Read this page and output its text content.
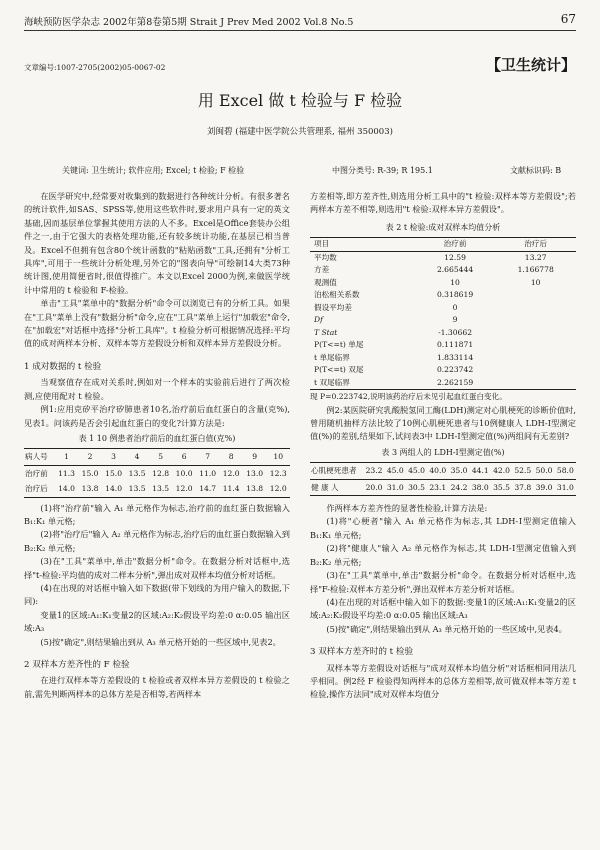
海峡预防医学杂志 2002年第8卷第5期 Strait J Prev Med 2002 Vol.8 No.5	67
文章编号:1007-2705(2002)05-0067-02	【卫生统计】
用 Excel 做 t 检验与 F 检验
刘闽碧 (福建中医学院公共管理系, 福州 350003)
关键词: 卫生统计; 软件应用; Excel; t 检验; F 检验	中图分类号: R-39; R 195.1	文献标识码: B

在医学研究中,经常要对收集到的数据进行各种统计分析。有很多著名的统计软件,如SAS、SPSS等,使用这些软件时,要求用户具有一定的英文基础,因而基层单位掌握其使用方法的人不多。Excel是Office套装办公组件之一,由于它强大的表格处理功能,还有较多统计功能,在基层已相当普及。Excel不但拥有包含80个统计函数的"粘贴函数"工具,还拥有"分析工具库",可用于一些统计分析处理,另外它的"图表向导"可绘制14大类73种统计图,使用简便省时,很值得推广。本文以Excel 2000为例,来做医学统计中常用的 t 检验和 F-检验。

单击"工具"菜单中的"数据分析"命令可以浏览已有的分析工具。如果在"工具"菜单上没有"数据分析"命令,应在"工具"菜单上运行"加载宏"命令,在"加载宏"对话框中选择"分析工具库"。t 检验分析可根据情况选择:平均值的成对两样本分析、双样本等方差假设分析和双样本异方差假设分析。

1 成对数据的 t 检验

当观察值存在成对关系时,例如对一个样本的实验前后进行了两次检测,应使用配对 t 检验。

例1:应用克矽平治疗矽肺患者10名,治疗前后血红蛋白的含量(克%),见表1。问该药是否会引起血红蛋白的变化?计算方法是:

表 1 10 例患者治疗前后的血红蛋白值(克%)
病人号	1	2	3	4	5	6	7	8	9	10
治疗前	11.3	15.0	15.0	13.5	12.8	10.0	11.0	12.0	13.0	12.3
治疗后	14.0	13.8	14.0	13.5	13.5	12.0	14.7	11.4	13.8	12.0

(1)将"治疗前"输入 A₁ 单元格作为标志,治疗前的血红蛋白数据输入 B₁:K₁ 单元格;

(2)将"治疗后"输入 A₂ 单元格作为标志,治疗后的血红蛋白数据输入到 B₂:K₂ 单元格;

(3)在"工具"菜单中,单击"数据分析"命令。在数据分析对话框中,选择"t-检验:平均值的成对二样本分析",弹出成对双样本均值分析对话框。

(4)在出现的对话框中输入如下数据(带下划线的为用户输入的数据,下同):

变量1的区域:A₁:K₁变量2的区域:A₂:K₂假设平均差:0 α:0.05 输出区域:A₃

(5)按"确定",则结果输出到从 A₃ 单元格开始的一些区域中,见表2。

2 双样本方差齐性的 F 检验

在进行双样本等方差假设的 t 检验或者双样本异方差假设的 t 检验之前,需先判断两样本的总体方差是否相等,若两样本

方差相等,即方差齐性,则选用分析工具中的"t 检验:双样本等方差假设";若两样本方差不相等,则选用"t 检验:双样本异方差假设"。

表 2 t 检验:成对双样本均值分析
项目	治疗前	治疗后
平均数	12.59	13.27
方差	2.665444	1.166778
观测值	10	10
泊松相关系数	0.318619	
假设平均差	0	
Df	9	
T Stat	-1.30662	
P(T<=t) 单尾	0.111871	
t 单尾临界	1.833114	
P(T<=t) 双尾	0.223742	
t 双尾临界	2.262159	

现 P=0.223742,说明该药治疗后未见引起血红蛋白变化。

例2:某医院研究乳酸脱氢同工酶(LDH)测定对心肌梗死的诊断价值时,曾用随机抽样方法比较了10例心肌梗死患者与10例健康人 LDH-Ⅰ型测定值(%)的差别,结果如下,试问表3中 LDH-Ⅰ型测定值(%)两组间有无差别?

表 3 两组人的 LDH-Ⅰ型测定值(%)
心肌梗死患者	23.2	45.0	45.0	40.0	35.0	44.1	42.0	52.5	50.0	58.0
健 康 人	20.0	31.0	30.5	23.1	24.2	38.0	35.5	37.8	39.0	31.0

作两样本方差齐性的显著性检验,计算方法是:

(1)将"心梗者"输入 A₁ 单元格作为标志,其 LDH-Ⅰ型测定值输入 B₁:K₁ 单元格;

(2)将"健康人"输入 A₂ 单元格作为标志,其 LDH-Ⅰ型测定值输入到 B₂:K₂ 单元格;

(3)在"工具"菜单中,单击"数据分析"命令。在数据分析对话框中,选择"F-检验:双样本方差分析",弹出双样本方差分析对话框。

(4)在出现的对话框中输入如下的数据:变量1的区域:A₁:K₁变量2的区域:A₂:K₂假设平均差:0 α:0.05 输出区域:A₃

(5)按"确定",则结果输出到从 A₃ 单元格开始的一些区域中,见表4。

3 双样本方差齐时的 t 检验

双样本等方差假设对话框与"成对双样本均值分析"对话框相同用法几乎相同。例2经 F 检验得知两样本的总体方差相等,故可做双样本等方差 t 检验,操作方法同"成对双样本均值分
